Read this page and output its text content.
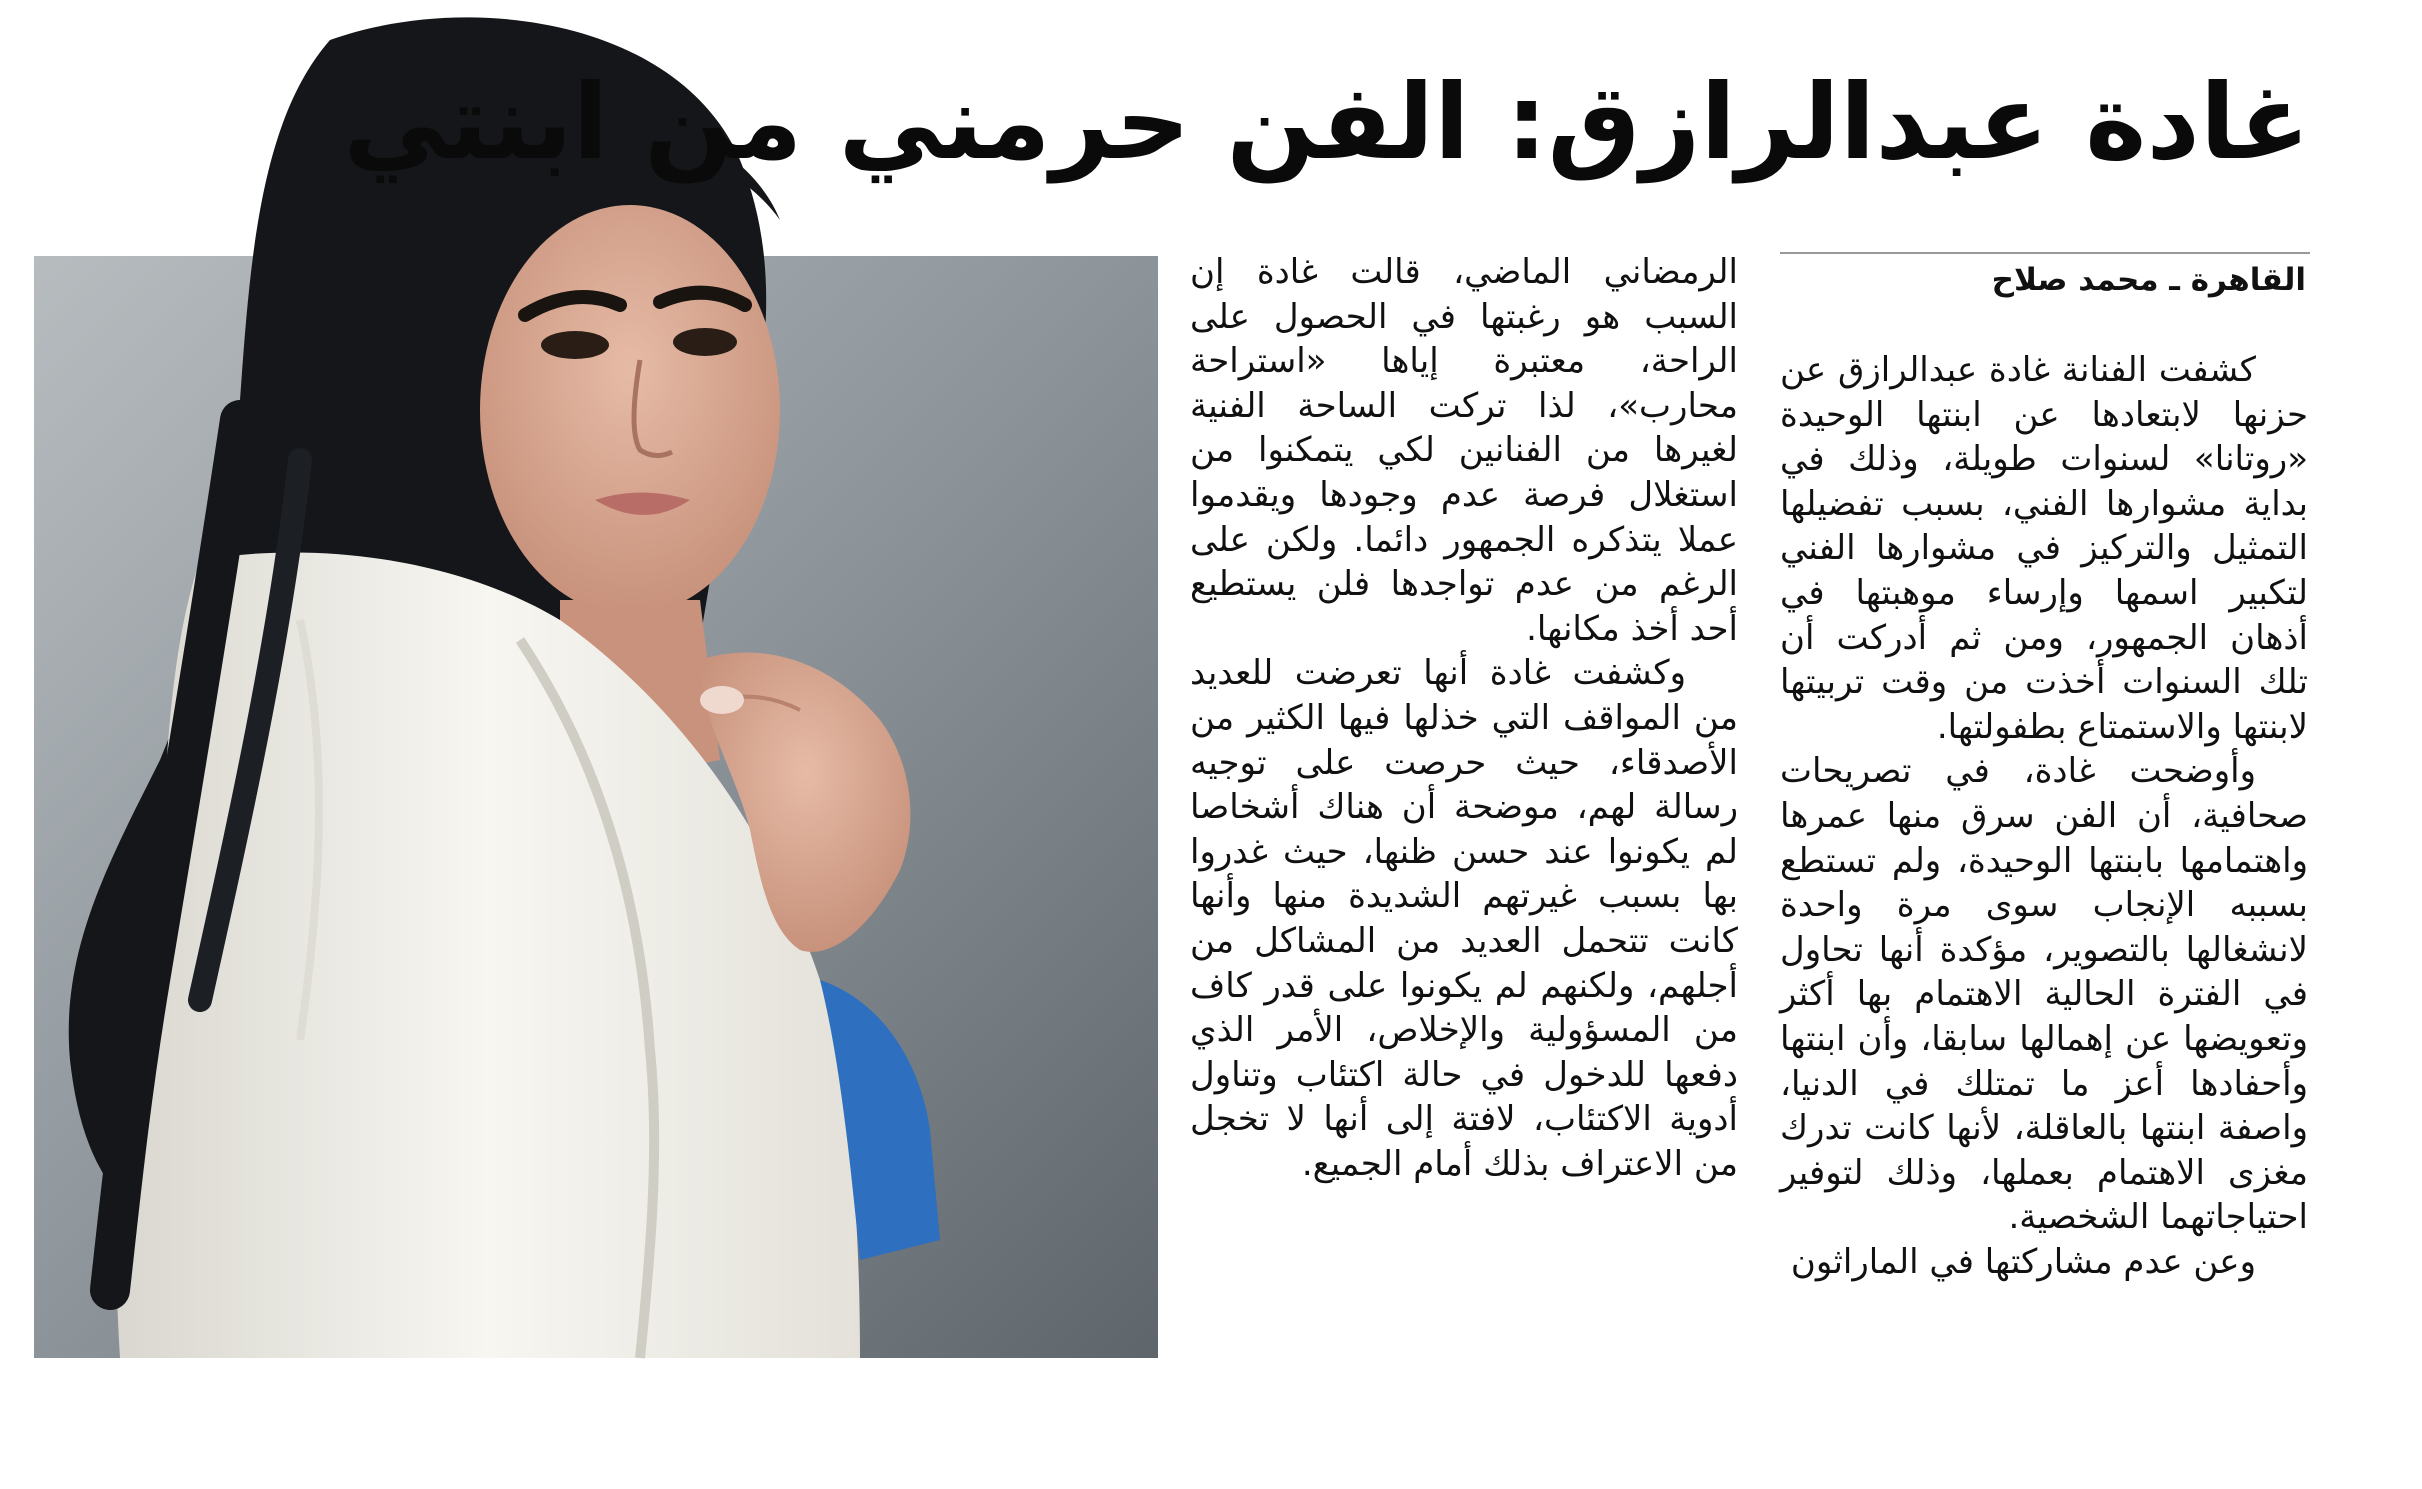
غادة عبدالرازق: الفن حرمني من ابنتي
القاهرة ـ محمد صلاح

كشفت الفنانة غادة عبدالرازق عن حزنها لابتعادها عن ابنتها الوحيدة «روتانا» لسنوات طويلة، وذلك في بداية مشوارها الفني، بسبب تفضيلها التمثيل والتركيز في مشوارها الفني لتكبير اسمها وإرساء موهبتها في أذهان الجمهور، ومن ثم أدركت أن تلك السنوات أخذت من وقت تربيتها لابنتها والاستمتاع بطفولتها.

وأوضحت غادة، في تصريحات صحافية، أن الفن سرق منها عمرها واهتمامها بابنتها الوحيدة، ولم تستطع بسببه الإنجاب سوى مرة واحدة لانشغالها بالتصوير، مؤكدة أنها تحاول في الفترة الحالية الاهتمام بها أكثر وتعويضها عن إهمالها سابقا، وأن ابنتها وأحفادها أعز ما تمتلك في الدنيا، واصفة ابنتها بالعاقلة، لأنها كانت تدرك مغزى الاهتمام بعملها، وذلك لتوفير احتياجاتهما الشخصية.

وعن عدم مشاركتها في الماراثون

الرمضاني الماضي، قالت غادة إن السبب هو رغبتها في الحصول على الراحة، معتبرة إياها «استراحة محارب»، لذا تركت الساحة الفنية لغيرها من الفنانين لكي يتمكنوا من استغلال فرصة عدم وجودها ويقدموا عملا يتذكره الجمهور دائما. ولكن على الرغم من عدم تواجدها فلن يستطيع أحد أخذ مكانها.

وكشفت غادة أنها تعرضت للعديد من المواقف التي خذلها فيها الكثير من الأصدقاء، حيث حرصت على توجيه رسالة لهم، موضحة أن هناك أشخاصا لم يكونوا عند حسن ظنها، حيث غدروا بها بسبب غيرتهم الشديدة منها وأنها كانت تتحمل العديد من المشاكل من أجلهم، ولكنهم لم يكونوا على قدر كاف من المسؤولية والإخلاص، الأمر الذي دفعها للدخول في حالة اكتئاب وتناول أدوية الاكتئاب، لافتة إلى أنها لا تخجل من الاعتراف بذلك أمام الجميع.
